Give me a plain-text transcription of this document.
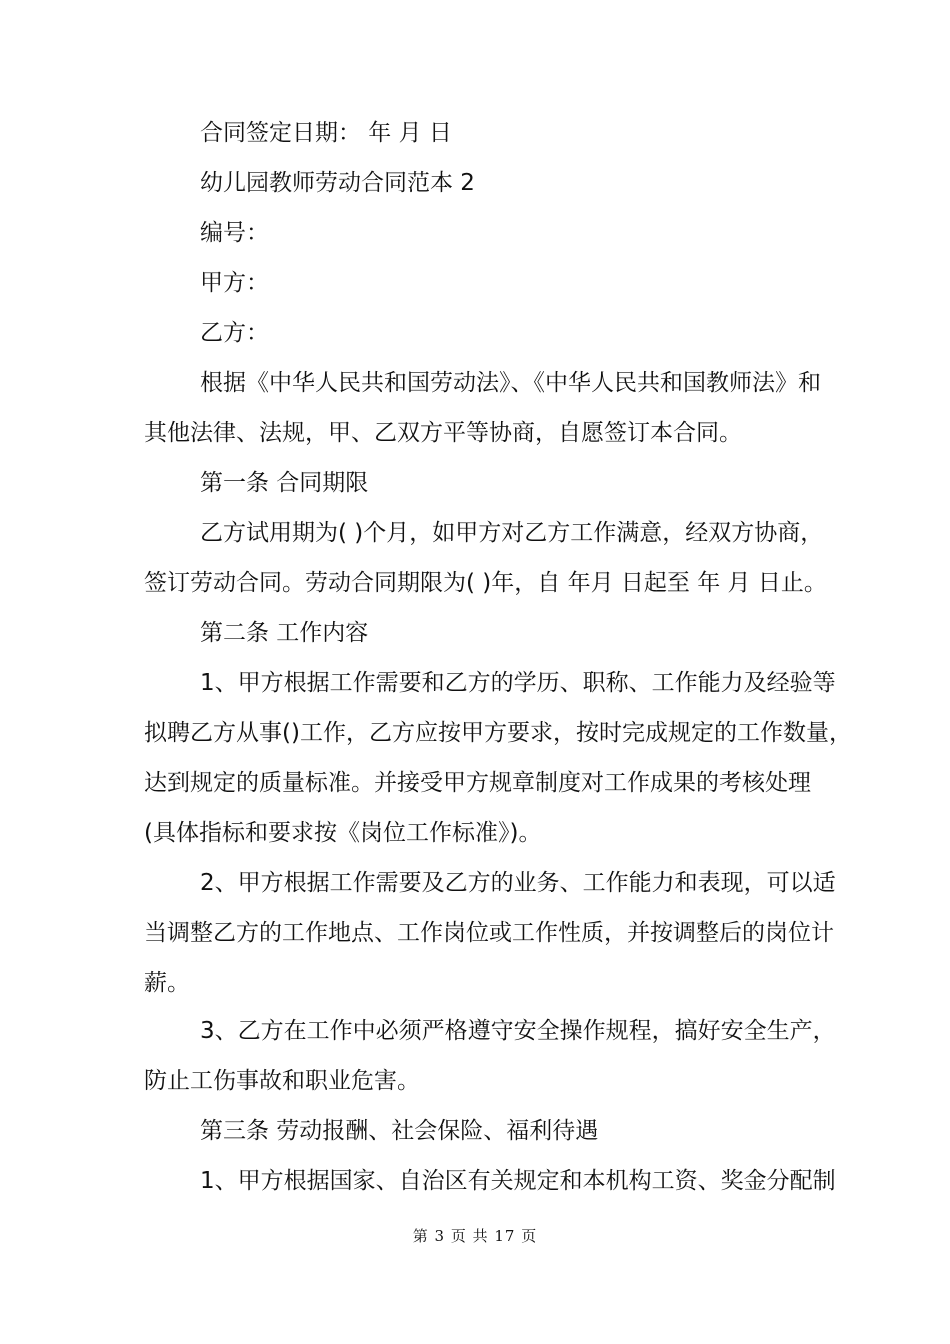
合同签定日期： 年 月 日
幼儿园教师劳动合同范本 2
编号：
甲方：
乙方：
根据《中华人民共和国劳动法》、《中华人民共和国教师法》和
其他法律、法规，甲、乙双方平等协商，自愿签订本合同。
第一条 合同期限
乙方试用期为( )个月，如甲方对乙方工作满意，经双方协商，
签订劳动合同。劳动合同期限为( )年，自 年月 日起至 年 月 日止。
第二条 工作内容
1、甲方根据工作需要和乙方的学历、职称、工作能力及经验等
拟聘乙方从事()工作，乙方应按甲方要求，按时完成规定的工作数量，
达到规定的质量标准。并接受甲方规章制度对工作成果的考核处理
(具体指标和要求按《岗位工作标准》)。
2、甲方根据工作需要及乙方的业务、工作能力和表现，可以适
当调整乙方的工作地点、工作岗位或工作性质，并按调整后的岗位计
薪。
3、乙方在工作中必须严格遵守安全操作规程，搞好安全生产，
防止工伤事故和职业危害。
第三条 劳动报酬、社会保险、福利待遇
1、甲方根据国家、自治区有关规定和本机构工资、奖金分配制
第 3 页 共 17 页
